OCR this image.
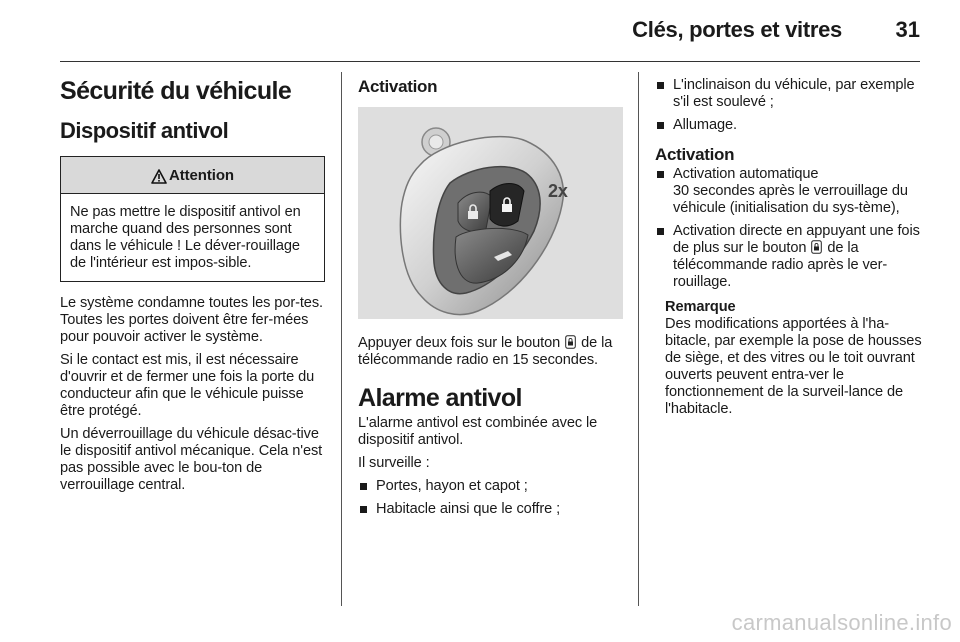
Clés, portes et vitres 31
Sécurité du véhicule
Dispositif antivol
Attention
Ne pas mettre le dispositif antivol en marche quand des personnes sont dans le véhicule ! Le déver-rouillage de l'intérieur est impos-sible.
Le système condamne toutes les por-tes. Toutes les portes doivent être fer-mées pour pouvoir activer le système.
Si le contact est mis, il est nécessaire d'ouvrir et de fermer une fois la porte du conducteur afin que le véhicule puisse être protégé.
Un déverrouillage du véhicule désac-tive le dispositif antivol mécanique. Cela n'est pas possible avec le bou-ton de verrouillage central.
Activation
2x
Appuyer deux fois sur le bouton de la télécommande radio en 15 secondes.
Alarme antivol
L'alarme antivol est combinée avec le dispositif antivol.
Il surveille :
Portes, hayon et capot ;
Habitacle ainsi que le coffre ;
L'inclinaison du véhicule, par exemple s'il est soulevé ;
Allumage.
Activation
Activation automatique
30 secondes après le verrouillage du véhicule (initialisation du sys-tème),
Activation directe en appuyant une fois de plus sur le bouton de la télécommande radio après le ver-rouillage.
Remarque
Des modifications apportées à l'ha-bitacle, par exemple la pose de housses de siège, et des vitres ou le toit ouvrant ouverts peuvent entra-ver le fonctionnement de la surveil-lance de l'habitacle.
carmanualsonline.info
